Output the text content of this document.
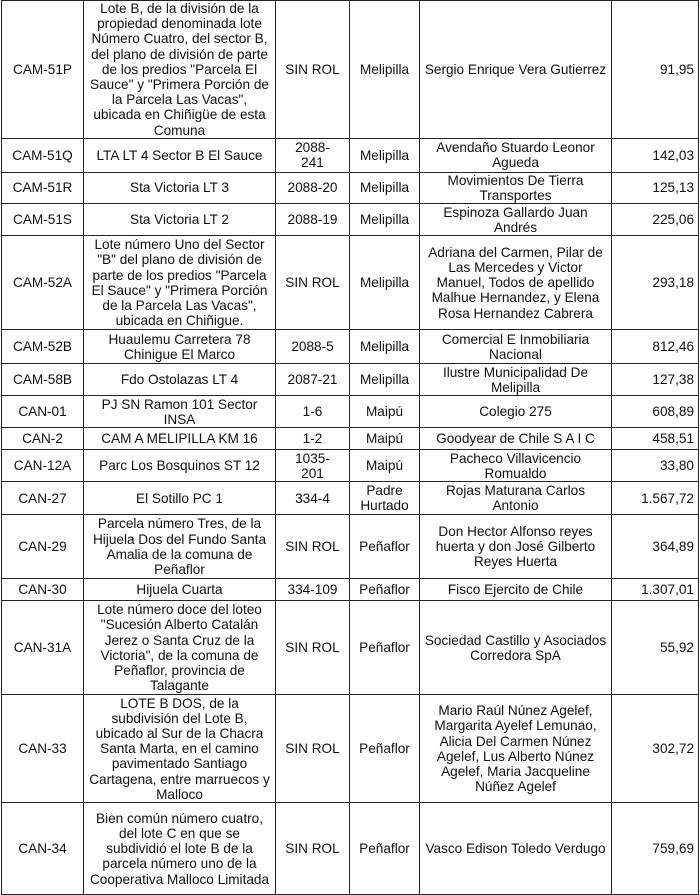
CAM-51P	Lote B, de la división de la propiedad denominada lote Número Cuatro, del sector B, del plano de división de parte de los predios "Parcela El Sauce" y "Primera Porción de la Parcela Las Vacas", ubicada en Chiñigüe de esta Comuna	SIN ROL	Melipilla	Sergio Enrique Vera Gutierrez	91,95
CAM-51Q	LTA LT 4 Sector B El Sauce	2088-241	Melipilla	Avendaño Stuardo Leonor Agueda	142,03
CAM-51R	Sta Victoria LT 3	2088-20	Melipilla	Movimientos De Tierra Transportes	125,13
CAM-51S	Sta Victoria LT 2	2088-19	Melipilla	Espinoza Gallardo Juan Andrés	225,06
CAM-52A	Lote número Uno del Sector "B" del plano de división de parte de los predios "Parcela El Sauce" y "Primera Porción de la Parcela Las Vacas", ubicada en Chiñigue.	SIN ROL	Melipilla	Adriana del Carmen, Pilar de Las Mercedes y Victor Manuel, Todos de apellido Malhue Hernandez, y Elena Rosa Hernandez Cabrera	293,18
CAM-52B	Huaulemu Carretera 78 Chinigue El Marco	2088-5	Melipilla	Comercial E Inmobiliaria Nacional	812,46
CAM-58B	Fdo Ostolazas LT 4	2087-21	Melipilla	Ilustre Municipalidad De Melipilla	127,38
CAN-01	PJ SN Ramon 101 Sector INSA	1-6	Maipú	Colegio 275	608,89
CAN-2	CAM A MELIPILLA KM 16	1-2	Maipú	Goodyear de Chile S A I C	458,51
CAN-12A	Parc Los Bosquinos ST 12	1035-201	Maipú	Pacheco Villavicencio Romualdo	33,80
CAN-27	El Sotillo PC 1	334-4	Padre Hurtado	Rojas Maturana Carlos Antonio	1.567,72
CAN-29	Parcela número Tres, de la Hijuela Dos del Fundo Santa Amalia de la comuna de Peñaflor	SIN ROL	Peñaflor	Don Hector Alfonso reyes huerta y don José Gilberto Reyes Huerta	364,89
CAN-30	Hijuela Cuarta	334-109	Peñaflor	Fisco Ejercito de Chile	1.307,01
CAN-31A	Lote número doce del loteo "Sucesión Alberto Catalán Jerez o Santa Cruz de la Victoria", de la comuna de Peñaflor, provincia de Talagante	SIN ROL	Peñaflor	Sociedad Castillo y Asociados Corredora SpA	55,92
CAN-33	LOTE B DOS, de la subdivisión del Lote B, ubicado al Sur de la Chacra Santa Marta, en el camino pavimentado Santiago Cartagena, entre marruecos y Malloco	SIN ROL	Peñaflor	Mario Raúl Núnez Agelef, Margarita Ayelef Lemunao, Alicia Del Carmen Núnez Agelef, Lus Alberto Núnez Agelef, Maria Jacqueline Núñez Agelef	302,72
CAN-34	Bien común número cuatro, del lote C en que se subdividió el lote B de la parcela número uno de la Cooperativa Malloco Limitada	SIN ROL	Peñaflor	Vasco Edison Toledo Verdugo	759,69
